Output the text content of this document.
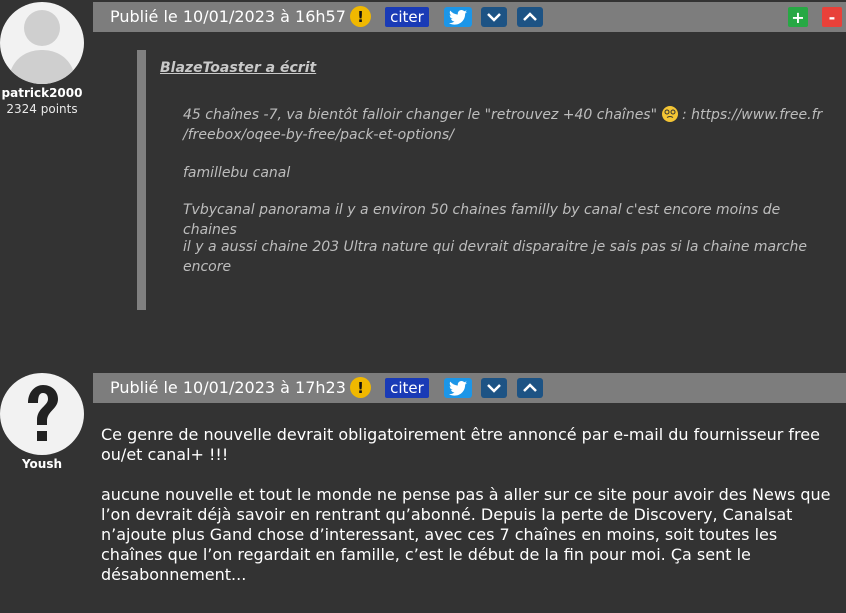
patrick2000
2324 points
Publié le 10/01/2023 à 16h57 !	citer	+	-
BlazeToaster a écrit

45 chaînes -7, va bientôt falloir changer le "retrouvez +40 chaînes" : https://www.free.fr
/freebox/oqee-by-free/pack-et-options/

famillebu canal

Tvbycanal panorama il y a environ 50 chaines familly by canal c'est encore moins de chaines

il y a aussi chaine 203 Ultra nature qui devrait disparaitre je sais pas si la chaine marche encore

Yoush
Publié le 10/01/2023 à 17h23 !	citer

Ce genre de nouvelle devrait obligatoirement être annoncé par e-mail du fournisseur free ou/et canal+ !!!

aucune nouvelle et tout le monde ne pense pas à aller sur ce site pour avoir des News que l’on devrait déjà savoir en rentrant qu’abonné. Depuis la perte de Discovery, Canalsat n’ajoute plus Gand chose d’interessant, avec ces 7 chaînes en moins, soit toutes les chaînes que l’on regardait en famille, c’est le début de la fin pour moi. Ça sent le désabonnement...
